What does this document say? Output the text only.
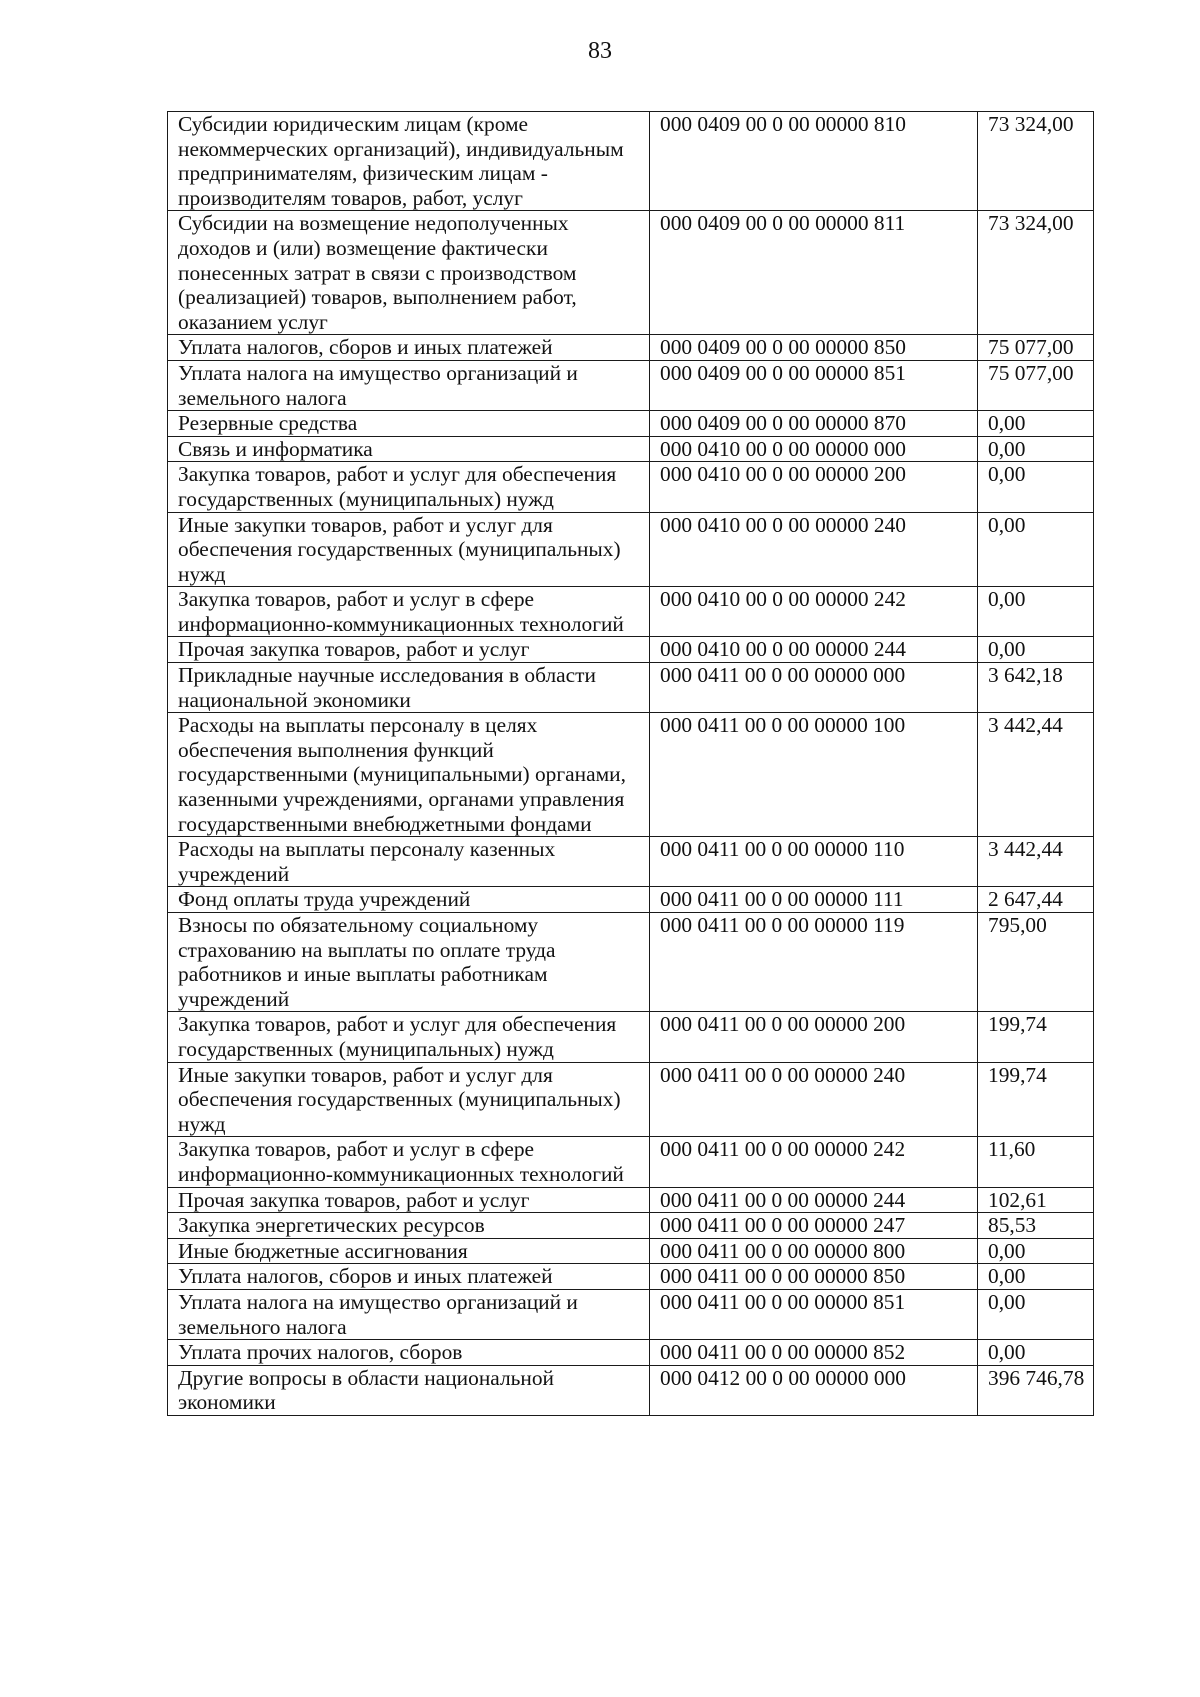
83
Субсидии юридическим лицам (кроме некоммерческих организаций), индивидуальным предпринимателям, физическим лицам - производителям товаров, работ, услуг	000 0409 00 0 00 00000 810	73 324,00
Субсидии на возмещение недополученных доходов и (или) возмещение фактически понесенных затрат в связи с производством (реализацией) товаров, выполнением работ, оказанием услуг	000 0409 00 0 00 00000 811	73 324,00
Уплата налогов, сборов и иных платежей	000 0409 00 0 00 00000 850	75 077,00
Уплата налога на имущество организаций и земельного налога	000 0409 00 0 00 00000 851	75 077,00
Резервные средства	000 0409 00 0 00 00000 870	0,00
Связь и информатика	000 0410 00 0 00 00000 000	0,00
Закупка товаров, работ и услуг для обеспечения государственных (муниципальных) нужд	000 0410 00 0 00 00000 200	0,00
Иные закупки товаров, работ и услуг для обеспечения государственных (муниципальных) нужд	000 0410 00 0 00 00000 240	0,00
Закупка товаров, работ и услуг в сфере информационно-коммуникационных технологий	000 0410 00 0 00 00000 242	0,00
Прочая закупка товаров, работ и услуг	000 0410 00 0 00 00000 244	0,00
Прикладные научные исследования в области национальной экономики	000 0411 00 0 00 00000 000	3 642,18
Расходы на выплаты персоналу в целях обеспечения выполнения функций государственными (муниципальными) органами, казенными учреждениями, органами управления государственными внебюджетными фондами	000 0411 00 0 00 00000 100	3 442,44
Расходы на выплаты персоналу казенных учреждений	000 0411 00 0 00 00000 110	3 442,44
Фонд оплаты труда учреждений	000 0411 00 0 00 00000 111	2 647,44
Взносы по обязательному социальному страхованию на выплаты по оплате труда работников и иные выплаты работникам учреждений	000 0411 00 0 00 00000 119	795,00
Закупка товаров, работ и услуг для обеспечения государственных (муниципальных) нужд	000 0411 00 0 00 00000 200	199,74
Иные закупки товаров, работ и услуг для обеспечения государственных (муниципальных) нужд	000 0411 00 0 00 00000 240	199,74
Закупка товаров, работ и услуг в сфере информационно-коммуникационных технологий	000 0411 00 0 00 00000 242	11,60
Прочая закупка товаров, работ и услуг	000 0411 00 0 00 00000 244	102,61
Закупка энергетических ресурсов	000 0411 00 0 00 00000 247	85,53
Иные бюджетные ассигнования	000 0411 00 0 00 00000 800	0,00
Уплата налогов, сборов и иных платежей	000 0411 00 0 00 00000 850	0,00
Уплата налога на имущество организаций и земельного налога	000 0411 00 0 00 00000 851	0,00
Уплата прочих налогов, сборов	000 0411 00 0 00 00000 852	0,00
Другие вопросы в области национальной экономики	000 0412 00 0 00 00000 000	396 746,78
